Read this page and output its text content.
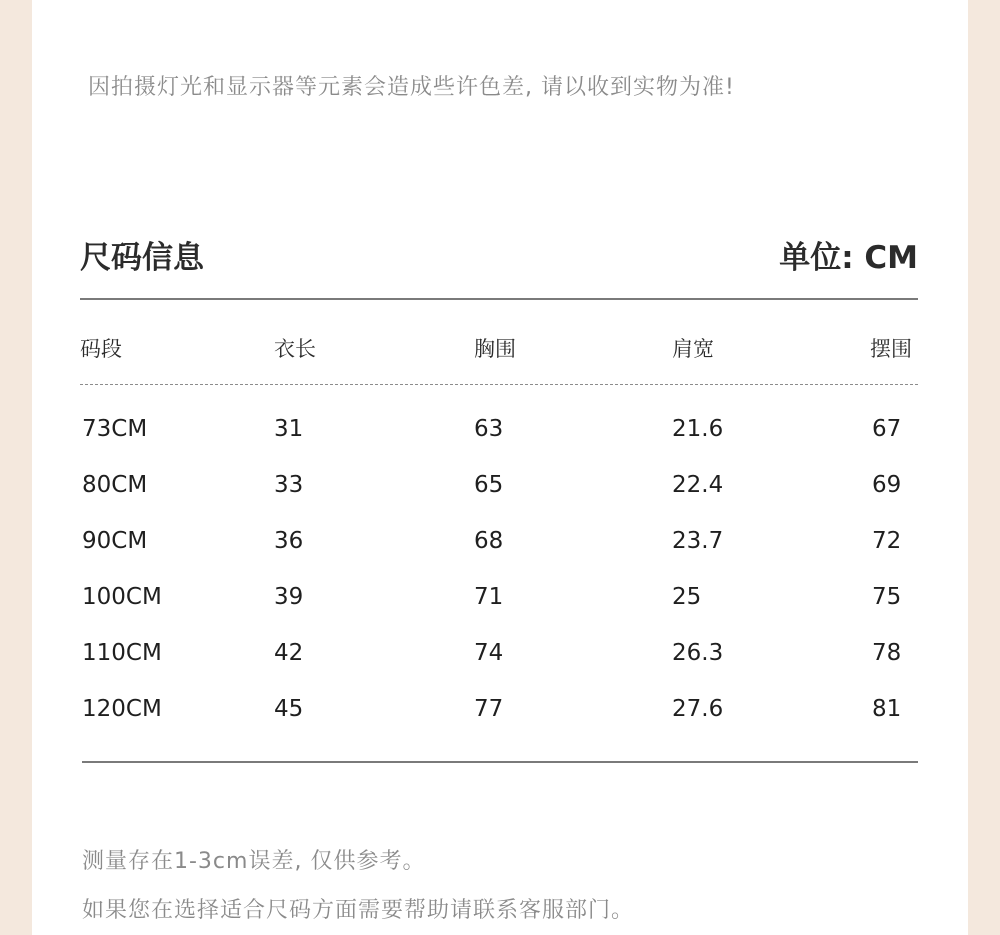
因拍摄灯光和显示器等元素会造成些许色差, 请以收到实物为准!
尺码信息	单位: CM
码段	衣长	胸围	肩宽	摆围
73CM	31	63	21.6	67
80CM	33	65	22.4	69
90CM	36	68	23.7	72
100CM	39	71	25	75
110CM	42	74	26.3	78
120CM	45	77	27.6	81
测量存在1-3cm误差, 仅供参考。
如果您在选择适合尺码方面需要帮助请联系客服部门。
